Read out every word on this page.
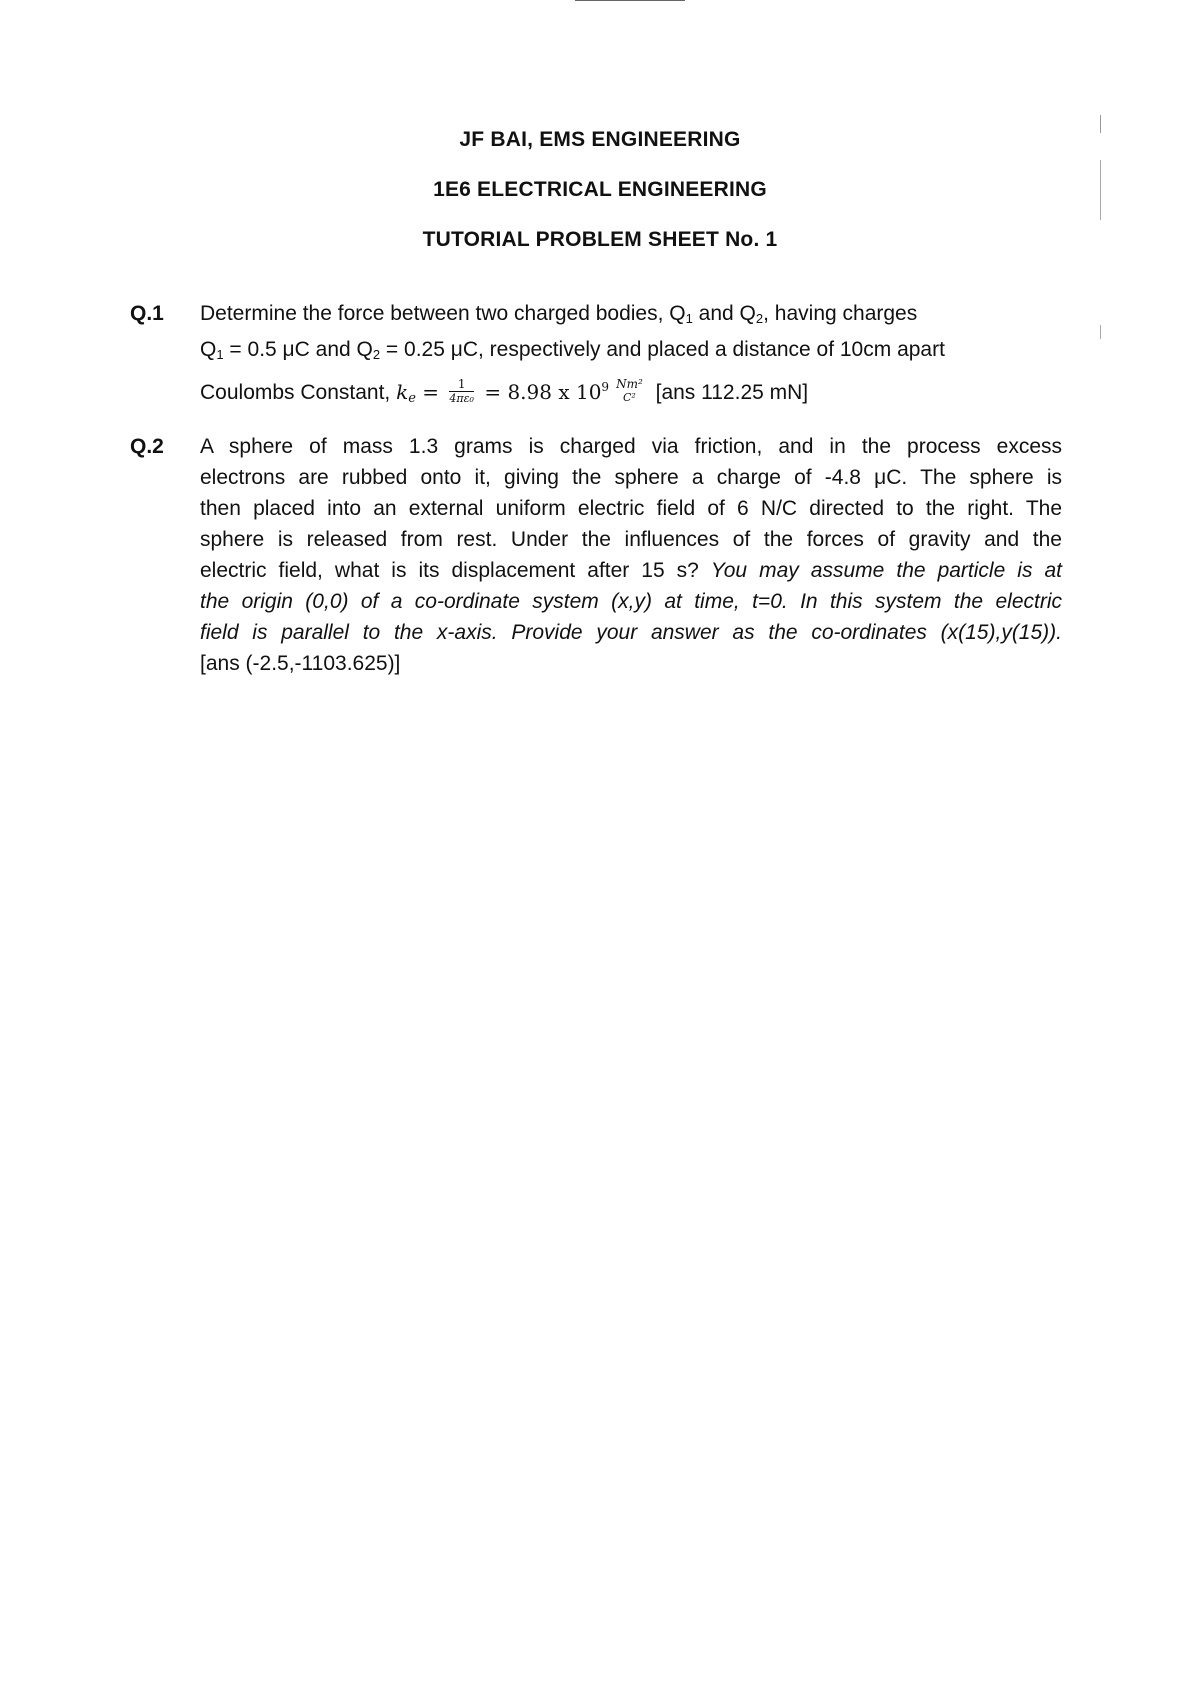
JF BAI, EMS ENGINEERING
1E6 ELECTRICAL ENGINEERING
TUTORIAL PROBLEM SHEET No. 1
Q.1 Determine the force between two charged bodies, $Q_1$ and $Q_2$, having charges
$Q_1 = 0.5$ μC and $Q_2 = 0.25$ μC, respectively and placed a distance of 10cm apart
Coulombs Constant, $k_e = \frac{1}{\text{4πε₀}} = 8.98$ x $10^9$ Nm²
C² [ans 112.25 mN]
Q.2 A sphere of mass 1.3 grams is charged via friction, and in the process excess
electrons are rubbed onto it, giving the sphere a charge of -4.8 μC. The sphere is
then placed into an external uniform electric field of 6 N/C directed to the right. The
sphere is released from rest. Under the influences of the forces of gravity and the
electric field, what is its displacement after 15 s? You may assume the particle is at
the origin (0,0) of a co-ordinate system (x,y) at time, t=0. In this system the electric
field is parallel to the x-axis. Provide your answer as the co-ordinates (x(15),y(15)).
[ans (-2.5,-1103.625)]
